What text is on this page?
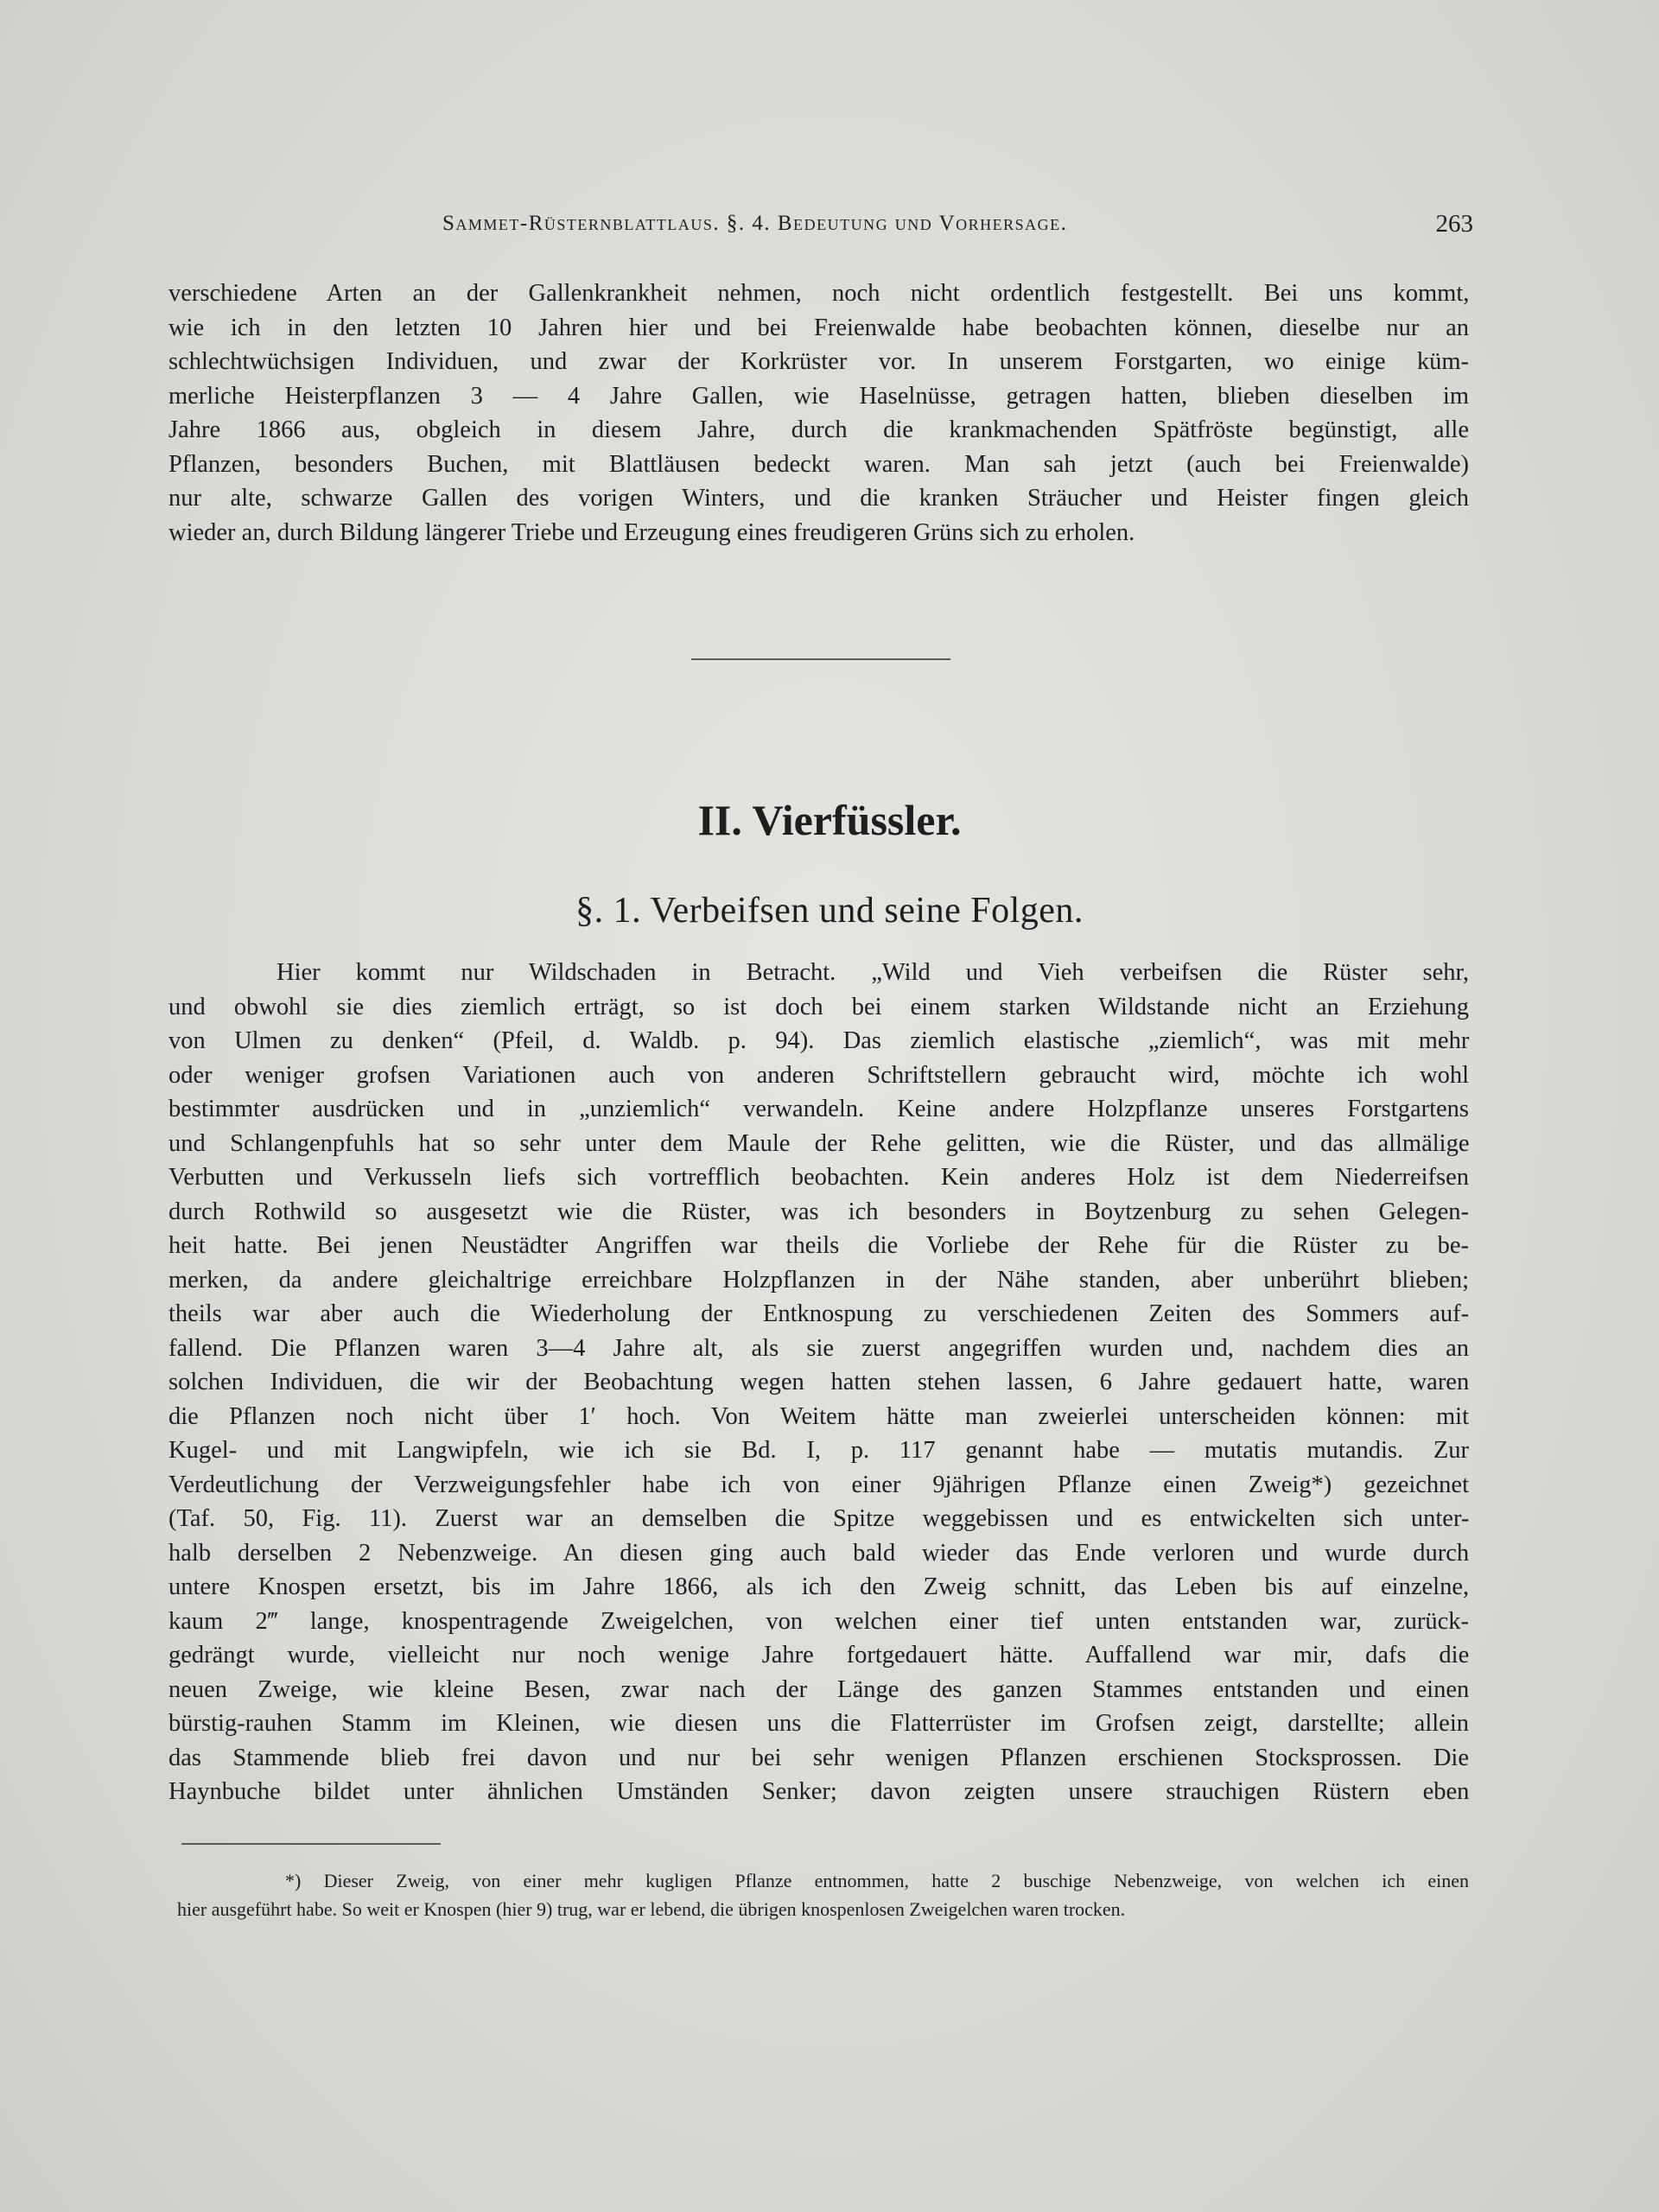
Sammet-Rüsternblattlaus. §. 4. Bedeutung und Vorhersage.	263
verschiedene Arten an der Gallenkrankheit nehmen, noch nicht ordentlich festgestellt. Bei uns kommt,
wie ich in den letzten 10 Jahren hier und bei Freienwalde habe beobachten können, dieselbe nur an
schlechtwüchsigen Individuen, und zwar der Korkrüster vor. In unserem Forstgarten, wo einige küm-
merliche Heisterpflanzen 3 — 4 Jahre Gallen, wie Haselnüsse, getragen hatten, blieben dieselben im
Jahre 1866 aus, obgleich in diesem Jahre, durch die krankmachenden Spätfröste begünstigt, alle
Pflanzen, besonders Buchen, mit Blattläusen bedeckt waren. Man sah jetzt (auch bei Freienwalde)
nur alte, schwarze Gallen des vorigen Winters, und die kranken Sträucher und Heister fingen gleich
wieder an, durch Bildung längerer Triebe und Erzeugung eines freudigeren Grüns sich zu erholen.
II. Vierfüssler.
§. 1. Verbeifsen und seine Folgen.
Hier kommt nur Wildschaden in Betracht. „Wild und Vieh verbeifsen die Rüster sehr,
und obwohl sie dies ziemlich erträgt, so ist doch bei einem starken Wildstande nicht an Erziehung
von Ulmen zu denken“ (Pfeil, d. Waldb. p. 94). Das ziemlich elastische „ziemlich“, was mit mehr
oder weniger grofsen Variationen auch von anderen Schriftstellern gebraucht wird, möchte ich wohl
bestimmter ausdrücken und in „unziemlich“ verwandeln. Keine andere Holzpflanze unseres Forstgartens
und Schlangenpfuhls hat so sehr unter dem Maule der Rehe gelitten, wie die Rüster, und das allmälige
Verbutten und Verkusseln liefs sich vortrefflich beobachten. Kein anderes Holz ist dem Niederreifsen
durch Rothwild so ausgesetzt wie die Rüster, was ich besonders in Boytzenburg zu sehen Gelegen-
heit hatte. Bei jenen Neustädter Angriffen war theils die Vorliebe der Rehe für die Rüster zu be-
merken, da andere gleichaltrige erreichbare Holzpflanzen in der Nähe standen, aber unberührt blieben;
theils war aber auch die Wiederholung der Entknospung zu verschiedenen Zeiten des Sommers auf-
fallend. Die Pflanzen waren 3—4 Jahre alt, als sie zuerst angegriffen wurden und, nachdem dies an
solchen Individuen, die wir der Beobachtung wegen hatten stehen lassen, 6 Jahre gedauert hatte, waren
die Pflanzen noch nicht über 1′ hoch. Von Weitem hätte man zweierlei unterscheiden können: mit
Kugel- und mit Langwipfeln, wie ich sie Bd. I, p. 117 genannt habe — mutatis mutandis. Zur
Verdeutlichung der Verzweigungsfehler habe ich von einer 9jährigen Pflanze einen Zweig*) gezeichnet
(Taf. 50, Fig. 11). Zuerst war an demselben die Spitze weggebissen und es entwickelten sich unter-
halb derselben 2 Nebenzweige. An diesen ging auch bald wieder das Ende verloren und wurde durch
untere Knospen ersetzt, bis im Jahre 1866, als ich den Zweig schnitt, das Leben bis auf einzelne,
kaum 2‴ lange, knospentragende Zweigelchen, von welchen einer tief unten entstanden war, zurück-
gedrängt wurde, vielleicht nur noch wenige Jahre fortgedauert hätte. Auffallend war mir, dafs die
neuen Zweige, wie kleine Besen, zwar nach der Länge des ganzen Stammes entstanden und einen
bürstig-rauhen Stamm im Kleinen, wie diesen uns die Flatterrüster im Grofsen zeigt, darstellte; allein
das Stammende blieb frei davon und nur bei sehr wenigen Pflanzen erschienen Stocksprossen. Die
Haynbuche bildet unter ähnlichen Umständen Senker; davon zeigten unsere strauchigen Rüstern eben
*) Dieser Zweig, von einer mehr kugligen Pflanze entnommen, hatte 2 buschige Nebenzweige, von welchen ich einen
hier ausgeführt habe. So weit er Knospen (hier 9) trug, war er lebend, die übrigen knospenlosen Zweigelchen waren trocken.
